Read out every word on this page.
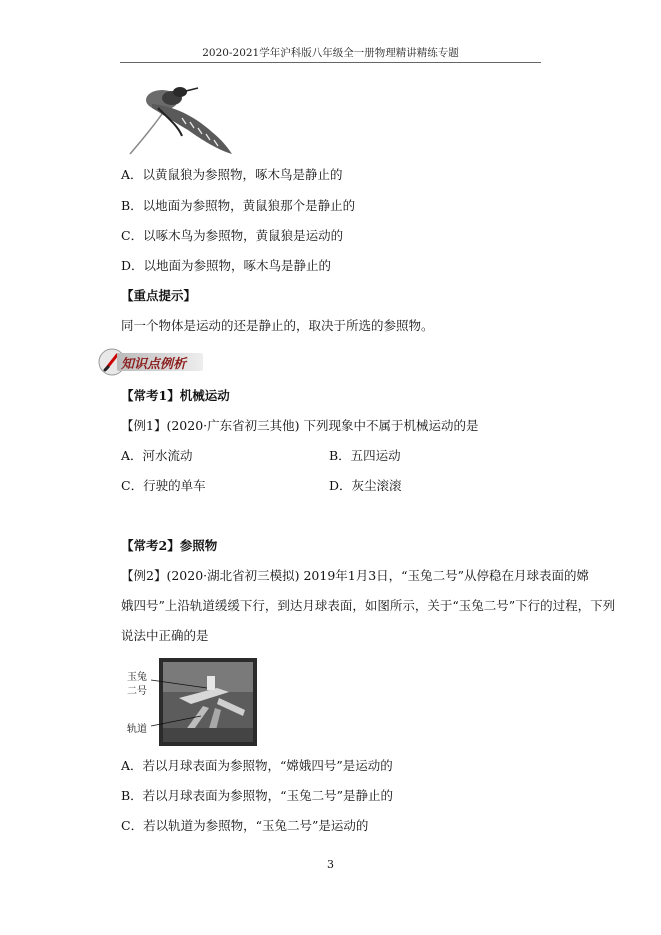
2020-2021学年沪科版八年级全一册物理精讲精练专题
A．以黄鼠狼为参照物，啄木鸟是静止的
B．以地面为参照物，黄鼠狼那个是静止的
C．以啄木鸟为参照物，黄鼠狼是运动的
D．以地面为参照物，啄木鸟是静止的
【重点提示】
同一个物体是运动的还是静止的，取决于所选的参照物。
知识点例析
【常考1】机械运动
【例1】(2020·广东省初三其他) 下列现象中不属于机械运动的是
A．河水流动	B．五四运动
C．行驶的单车	D．灰尘滚滚
【常考2】参照物
【例2】(2020·湖北省初三模拟) 2019年1月3日，“玉兔二号”从停稳在月球表面的嫦
娥四号”上沿轨道缓缓下行，到达月球表面，如图所示，关于“玉兔二号”下行的过程，下列
说法中正确的是
玉兔
二号
轨道
A．若以月球表面为参照物，“嫦娥四号”是运动的
B．若以月球表面为参照物，“玉兔二号”是静止的
C．若以轨道为参照物，“玉兔二号”是运动的
3
